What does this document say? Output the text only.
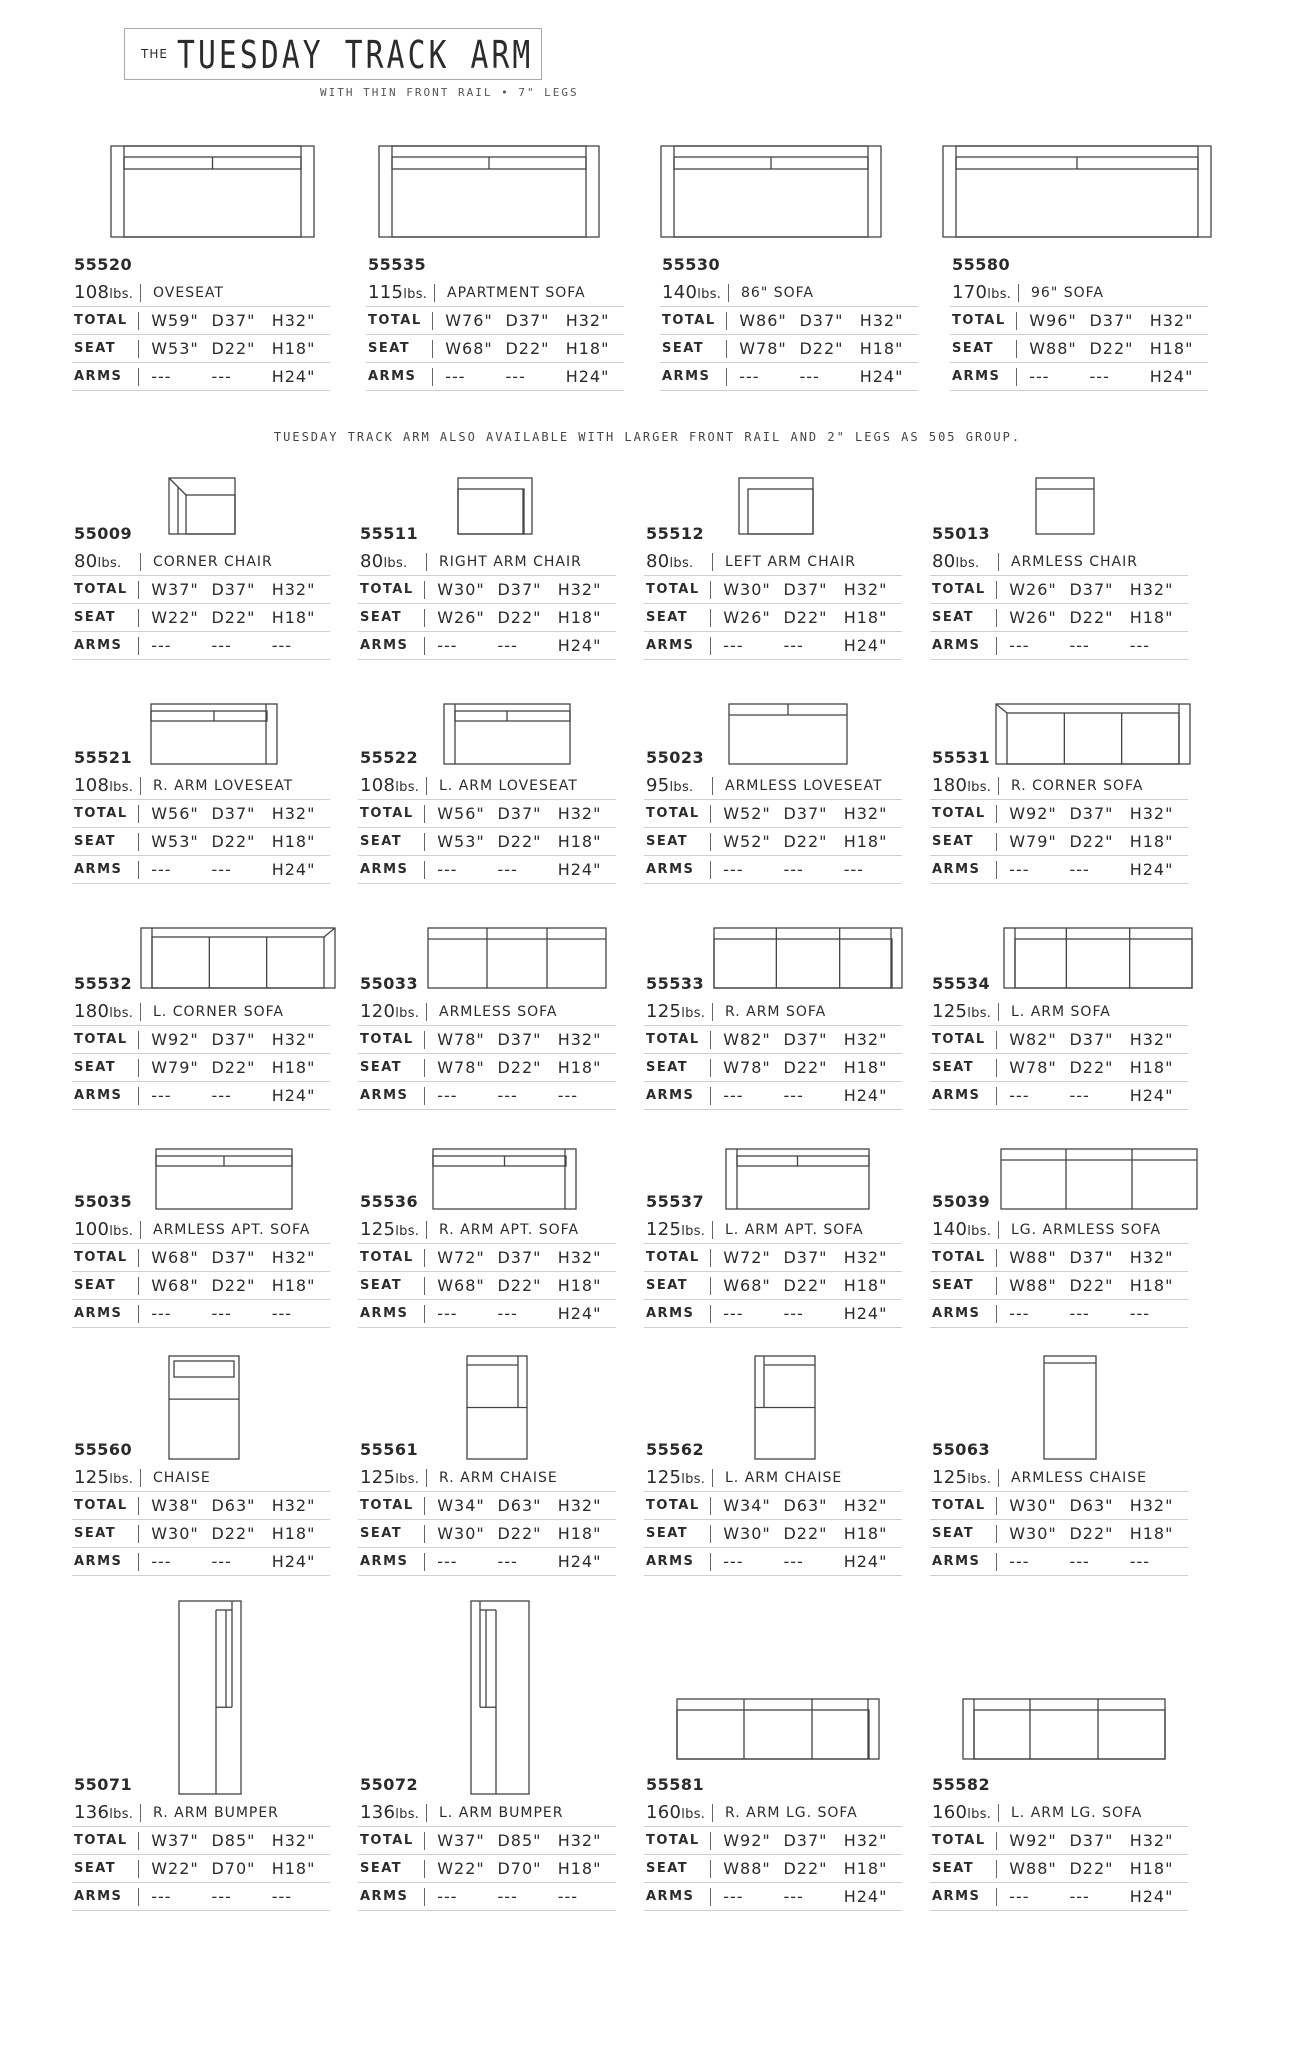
THE TUESDAY TRACK ARM
WITH THIN FRONT RAIL • 7" LEGS
TUESDAY TRACK ARM ALSO AVAILABLE WITH LARGER FRONT RAIL AND 2" LEGS AS 505 GROUP.
55520
108lbs. OVESEAT
TOTAL	W59" D37"	H32"
SEAT	W53" D22"	H18"
ARMS	---	---	H24"
55535
115lbs. APARTMENT SOFA
TOTAL	W76" D37"	H32"
SEAT	W68" D22"	H18"
ARMS	---	---	H24"
55530
140lbs. 86" SOFA
TOTAL	W86" D37"	H32"
SEAT	W78" D22"	H18"
ARMS	---	---	H24"
55580
170lbs. 96" SOFA
TOTAL	W96" D37"	H32"
SEAT	W88" D22"	H18"
ARMS	---	---	H24"
55009
80lbs.	CORNER CHAIR
TOTAL	W37" D37"	H32"
SEAT	W22" D22"	H18"
ARMS	---	---	---
55511
80lbs.	RIGHT ARM CHAIR
TOTAL	W30" D37"	H32"
SEAT	W26" D22"	H18"
ARMS	---	---	H24"
55512
80lbs.	LEFT ARM CHAIR
TOTAL	W30" D37"	H32"
SEAT	W26" D22"	H18"
ARMS	---	---	H24"
55013
80lbs.	ARMLESS CHAIR
TOTAL	W26" D37"	H32"
SEAT	W26" D22"	H18"
ARMS	---	---	---
55521
108lbs. R. ARM LOVESEAT
TOTAL	W56" D37"	H32"
SEAT	W53" D22"	H18"
ARMS	---	---	H24"
55522
108lbs. L. ARM LOVESEAT
TOTAL	W56" D37"	H32"
SEAT	W53" D22"	H18"
ARMS	---	---	H24"
55023
95lbs.	ARMLESS LOVESEAT
TOTAL	W52" D37"	H32"
SEAT	W52" D22"	H18"
ARMS	---	---	---
55531
180lbs. R. CORNER SOFA
TOTAL	W92" D37"	H32"
SEAT	W79" D22"	H18"
ARMS	---	---	H24"
55532
180lbs. L. CORNER SOFA
TOTAL	W92" D37"	H32"
SEAT	W79" D22"	H18"
ARMS	---	---	H24"
55033
120lbs. ARMLESS SOFA
TOTAL	W78" D37"	H32"
SEAT	W78" D22"	H18"
ARMS	---	---	---
55533
125lbs. R. ARM SOFA
TOTAL	W82" D37"	H32"
SEAT	W78" D22"	H18"
ARMS	---	---	H24"
55534
125lbs. L. ARM SOFA
TOTAL	W82" D37"	H32"
SEAT	W78" D22"	H18"
ARMS	---	---	H24"
55035
100lbs. ARMLESS APT. SOFA
TOTAL	W68" D37"	H32"
SEAT	W68" D22"	H18"
ARMS	---	---	---
55536
125lbs. R. ARM APT. SOFA
TOTAL	W72" D37"	H32"
SEAT	W68" D22"	H18"
ARMS	---	---	H24"
55537
125lbs. L. ARM APT. SOFA
TOTAL	W72" D37"	H32"
SEAT	W68" D22"	H18"
ARMS	---	---	H24"
55039
140lbs. LG. ARMLESS SOFA
TOTAL	W88" D37"	H32"
SEAT	W88" D22"	H18"
ARMS	---	---	---
55560
125lbs. CHAISE
TOTAL	W38" D63"	H32"
SEAT	W30" D22"	H18"
ARMS	---	---	H24"
55561
125lbs. R. ARM CHAISE
TOTAL	W34" D63"	H32"
SEAT	W30" D22"	H18"
ARMS	---	---	H24"
55562
125lbs. L. ARM CHAISE
TOTAL	W34" D63"	H32"
SEAT	W30" D22"	H18"
ARMS	---	---	H24"
55063
125lbs. ARMLESS CHAISE
TOTAL	W30" D63"	H32"
SEAT	W30" D22"	H18"
ARMS	---	---	---
55071
136lbs. R. ARM BUMPER
TOTAL	W37" D85"	H32"
SEAT	W22" D70"	H18"
ARMS	---	---	---
55072
136lbs. L. ARM BUMPER
TOTAL	W37" D85"	H32"
SEAT	W22" D70"	H18"
ARMS	---	---	---
55581
160lbs. R. ARM LG. SOFA
TOTAL	W92" D37"	H32"
SEAT	W88" D22"	H18"
ARMS	---	---	H24"
55582
160lbs. L. ARM LG. SOFA
TOTAL	W92" D37"	H32"
SEAT	W88" D22"	H18"
ARMS	---	---	H24"
